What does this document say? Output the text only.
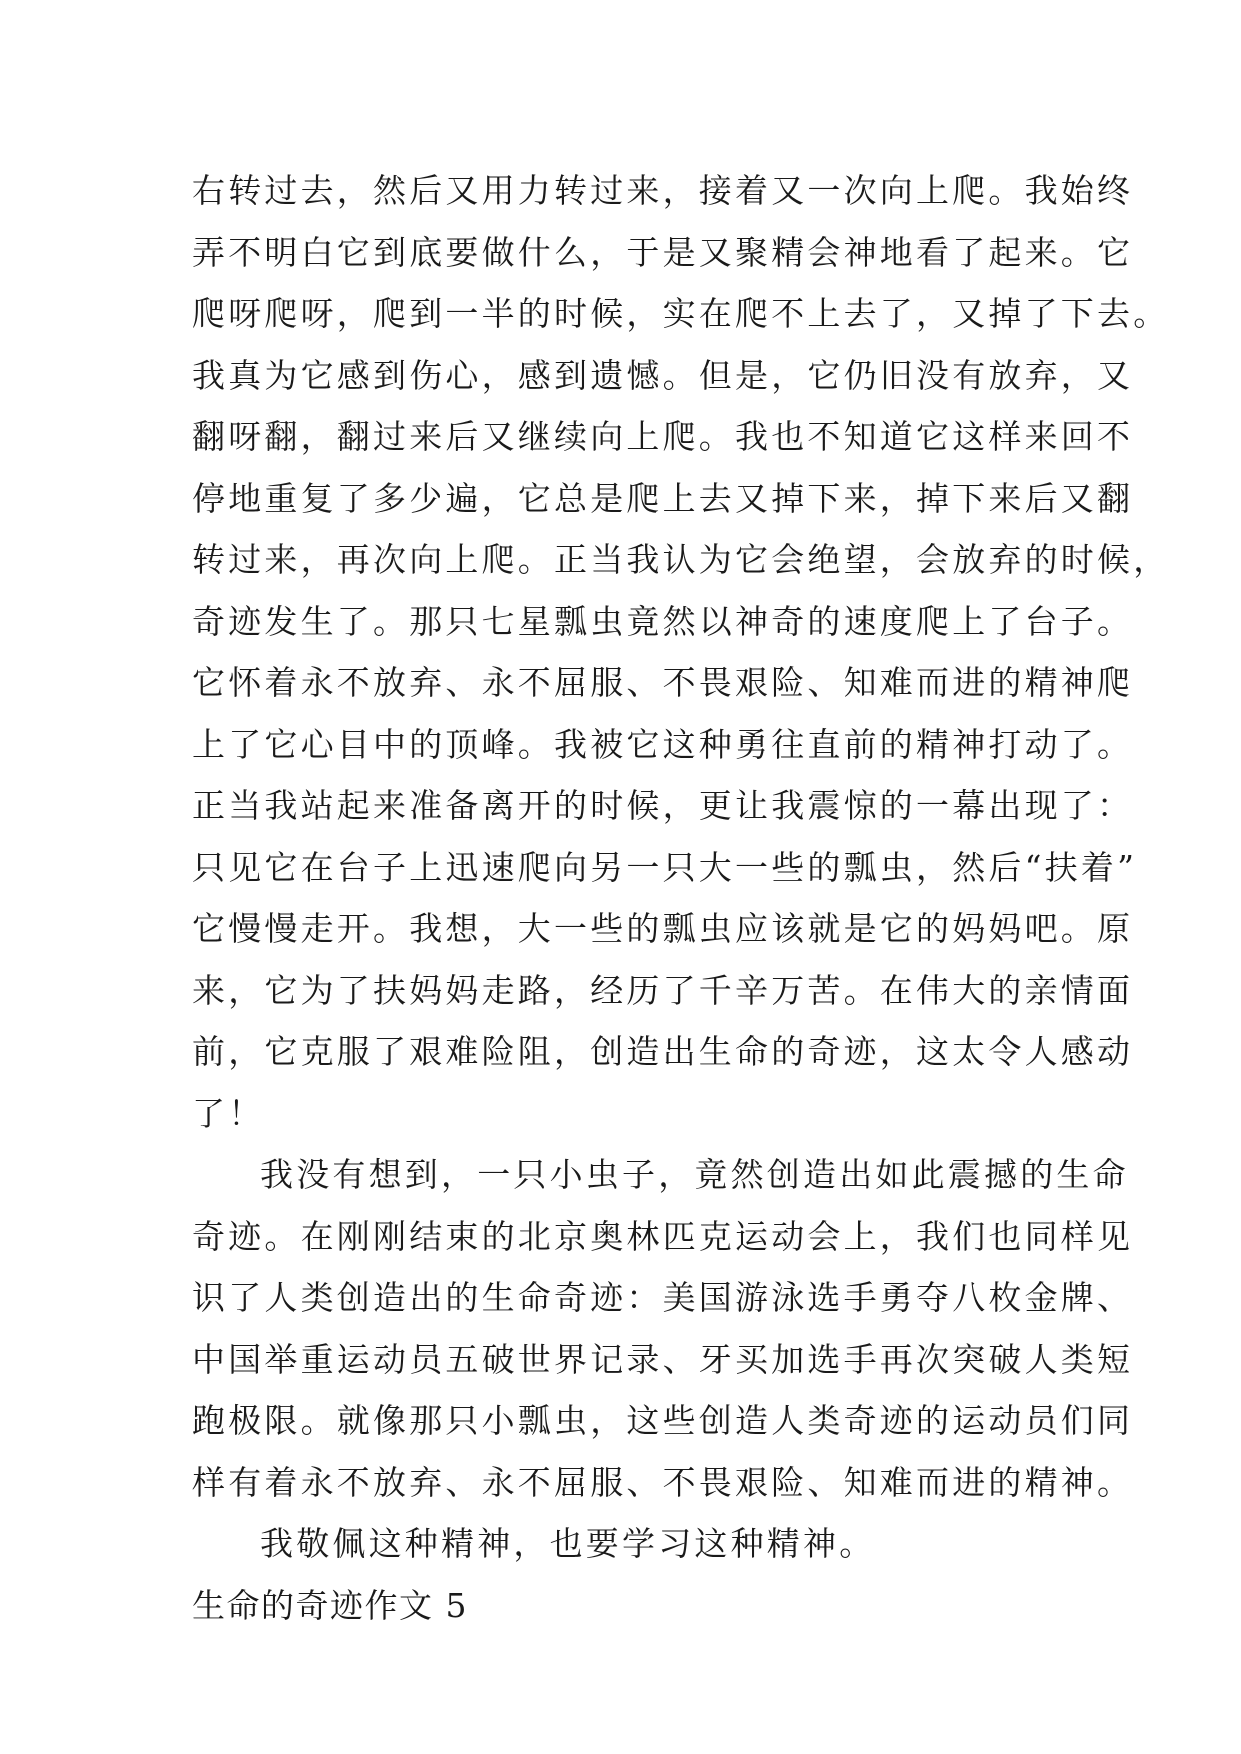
右转过去，然后又用力转过来，接着又一次向上爬。我始终
弄不明白它到底要做什么，于是又聚精会神地看了起来。它
爬呀爬呀，爬到一半的时候，实在爬不上去了，又掉了下去。
我真为它感到伤心，感到遗憾。但是，它仍旧没有放弃，又
翻呀翻，翻过来后又继续向上爬。我也不知道它这样来回不
停地重复了多少遍，它总是爬上去又掉下来，掉下来后又翻
转过来，再次向上爬。正当我认为它会绝望，会放弃的时候，
奇迹发生了。那只七星瓢虫竟然以神奇的速度爬上了台子。
它怀着永不放弃、永不屈服、不畏艰险、知难而进的精神爬
上了它心目中的顶峰。我被它这种勇往直前的精神打动了。
正当我站起来准备离开的时候，更让我震惊的一幕出现了：
只见它在台子上迅速爬向另一只大一些的瓢虫，然后“扶着”
它慢慢走开。我想，大一些的瓢虫应该就是它的妈妈吧。原
来，它为了扶妈妈走路，经历了千辛万苦。在伟大的亲情面
前，它克服了艰难险阻，创造出生命的奇迹，这太令人感动
了！
我没有想到，一只小虫子，竟然创造出如此震撼的生命
奇迹。在刚刚结束的北京奥林匹克运动会上，我们也同样见
识了人类创造出的生命奇迹：美国游泳选手勇夺八枚金牌、
中国举重运动员五破世界记录、牙买加选手再次突破人类短
跑极限。就像那只小瓢虫，这些创造人类奇迹的运动员们同
样有着永不放弃、永不屈服、不畏艰险、知难而进的精神。
我敬佩这种精神，也要学习这种精神。
生命的奇迹作文 5
